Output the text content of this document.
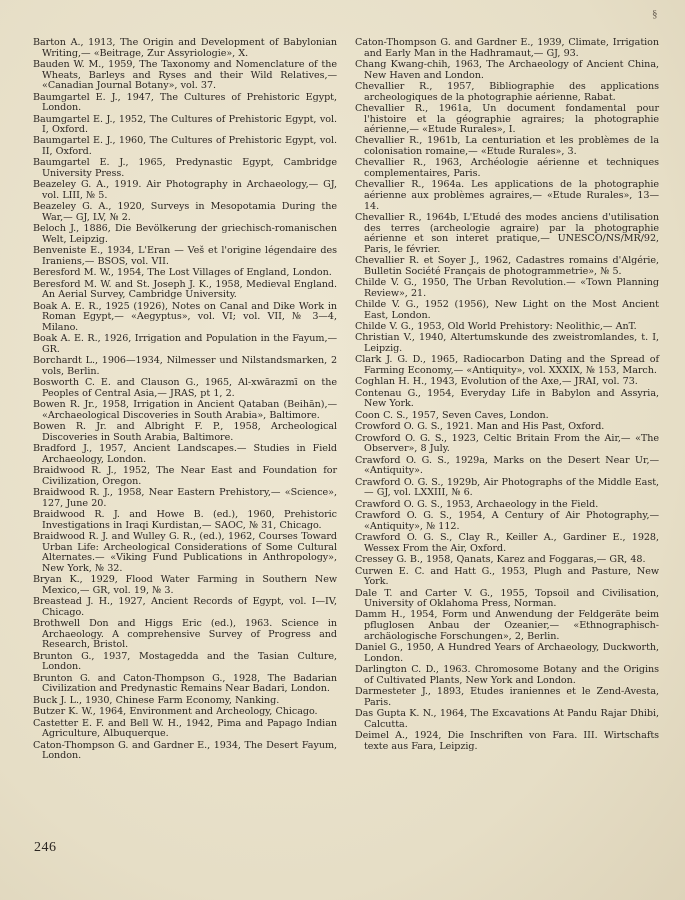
§

Barton A., 1913, The Origin and Development of Babylonian Writing,— «Beitrage, Zur Assyriologie», X.

Bauden W. M., 1959, The Taxonomy and Nomenclature of the Wheats, Barleys and Ryses and their Wild Relatives,— «Canadian Journal Botany», vol. 37.

Baumgartel E. J., 1947, The Cultures of Prehistoric Egypt, London.

Baumgartel E. J., 1952, The Cultures of Prehistoric Egypt, vol. I, Oxford.

Baumgartel E. J., 1960, The Cultures of Prehistoric Egypt, vol. II, Oxford.

Baumgartel E. J., 1965, Predynastic Egypt, Cambridge University Press.

Beazeley G. A., 1919. Air Photography in Archaeology,— GJ, vol. LIII, № 5.

Beazeley G. A., 1920, Surveys in Mesopotamia During the War,— GJ, LV, № 2.

Beloch J., 1886, Die Bevölkerung der griechisch-romanischen Welt, Leipzig.

Benveniste E., 1934, L'Eran — Veš et l'origine légendaire des Iraniens,— BSOS, vol. VII.

Beresford M. W., 1954, The Lost Villages of England, London.

Beresford M. W. and St. Joseph J. K., 1958, Medieval England. An Aerial Survey, Cambridge University.

Boak A. E. R., 1925 (1926), Notes on Canal and Dike Work in Roman Egypt,— «Aegyptus», vol. VI; vol. VII, № 3—4, Milano.

Boak A. E. R., 1926, Irrigation and Population in the Fayum,— GR.

Borchardt L., 1906—1934, Nilmesser und Nilstandsmarken, 2 vols, Berlin.

Bosworth C. E. and Clauson G., 1965, Al-xwārazmī on the Peoples of Central Asia,— JRAS, pt 1, 2.

Bowen R. Jr., 1958, Irrigation in Ancient Qataban (Beihān),— «Archaeological Discoveries in South Arabia», Baltimore.

Bowen R. Jr. and Albright F. P., 1958, Archeological Discoveries in South Arabia, Baltimore.

Bradford J., 1957, Ancient Landscapes.— Studies in Field Archaeology, London.

Braidwood R. J., 1952, The Near East and Foundation for Civilization, Oregon.

Braidwood R. J., 1958, Near Eastern Prehistory,— «Science», 127, June 20.

Braidwood R. J. and Howe B. (ed.), 1960, Prehistoric Investigations in Iraqi Kurdistan,— SAOC, № 31, Chicago.

Braidwood R. J. and Wulley G. R., (ed.), 1962, Courses Toward Urban Life: Archeological Considerations of Some Cultural Alternates.— «Viking Fund Publications in Anthropology», New York, № 32.

Bryan K., 1929, Flood Water Farming in Southern New Mexico,— GR, vol. 19, № 3.

Breastead J. H., 1927, Ancient Records of Egypt, vol. I—IV, Chicago.

Brothwell Don and Higgs Eric (ed.), 1963. Science in Archaeology. A comprehensive Survey of Progress and Research, Bristol.

Brunton G., 1937, Mostagedda and the Tasian Culture, London.

Brunton G. and Caton-Thompson G., 1928, The Badarian Civilization and Predynastic Remains Near Badari, London.

Buck J. L., 1930, Chinese Farm Economy, Nanking.

Butzer K. W., 1964, Environment and Archeology, Chicago.

Castetter E. F. and Bell W. H., 1942, Pima and Papago Indian Agriculture, Albuquerque.

Caton-Thompson G. and Gardner E., 1934, The Desert Fayum, London.

Caton-Thompson G. and Gardner E., 1939, Climate, Irrigation and Early Man in the Hadhramaut,— GJ, 93.

Chang Kwang-chih, 1963, The Archaeology of Ancient China, New Haven and London.

Chevallier R., 1957, Bibliographie des applications archeologiques de la photographie aérienne, Rabat.

Chevallier R., 1961a, Un document fondamental pour l'histoire et la géographie agraires; la photographie aérienne,— «Etude Rurales», I.

Chevallier R., 1961b, La centuriation et les problèmes de la colonisation romaine,— «Etude Rurales», 3.

Chevallier R., 1963, Archéologie aérienne et techniques complementaires, Paris.

Chevallier R., 1964a. Les applications de la photographie aérienne aux problèmes agraires,— «Etude Rurales», 13—14.

Chevallier R., 1964b, L'Etudé des modes anciens d'utilisation des terres (archeologie agraire) par la photographie aérienne et son interet pratique,— UNESCO/NS/MR/92, Paris, le février.

Chevallier R. et Soyer J., 1962, Cadastres romains d'Algérie, Bulletin Société Français de photogrammetrie», № 5.

Childe V. G., 1950, The Urban Revolution.— «Town Planning Review», 21.

Childe V. G., 1952 (1956), New Light on the Most Ancient East, London.

Childe V. G., 1953, Old World Prehistory: Neolithic,— AnT.

Christian V., 1940, Altertumskunde des zweistromlandes, t. I, Leipzig.

Clark J. G. D., 1965, Radiocarbon Dating and the Spread of Farming Economy,— «Antiquity», vol. XXXIX, № 153, March.

Coghlan H. H., 1943, Evolution of the Axe,— JRAI, vol. 73.

Contenau G., 1954, Everyday Life in Babylon and Assyria, New York.

Coon C. S., 1957, Seven Caves, London.

Crowford O. G. S., 1921. Man and His Past, Oxford.

Crowford O. G. S., 1923, Celtic Britain From the Air,— «The Observer», 8 July.

Crawford O. G. S., 1929a, Marks on the Desert Near Ur,— «Antiquity».

Crawford O. G. S., 1929b, Air Photographs of the Middle East,— GJ, vol. LXXIII, № 6.

Crawford O. G. S., 1953, Archaeology in the Field.

Crawford O. G. S., 1954, A Century of Air Photography,— «Antiquity», № 112.

Crawford O. G. S., Clay R., Keiller A., Gardiner E., 1928, Wessex From the Air, Oxford.

Cressey G. B., 1958, Qanats, Karez and Foggaras,— GR, 48.

Curwen E. C. and Hatt G., 1953, Plugh and Pasture, New York.

Dale T. and Carter V. G., 1955, Topsoil and Civilisation, University of Oklahoma Press, Norman.

Damm H., 1954, Form und Anwendung der Feldgeräte beim pfluglosen Anbau der Ozeanier,— «Ethnographisch-archäologische Forschungen», 2, Berlin.

Daniel G., 1950, A Hundred Years of Archaeology, Duckworth, London.

Darlington C. D., 1963. Chromosome Botany and the Origins of Cultivated Plants, New York and London.

Darmesteter J., 1893, Etudes iraniennes et le Zend-Avesta, Paris.

Das Gupta K. N., 1964, The Excavations At Pandu Rajar Dhibi, Calcutta.

Deimel A., 1924, Die Inschriften von Fara. III. Wirtschafts texte aus Fara, Leipzig.

246
